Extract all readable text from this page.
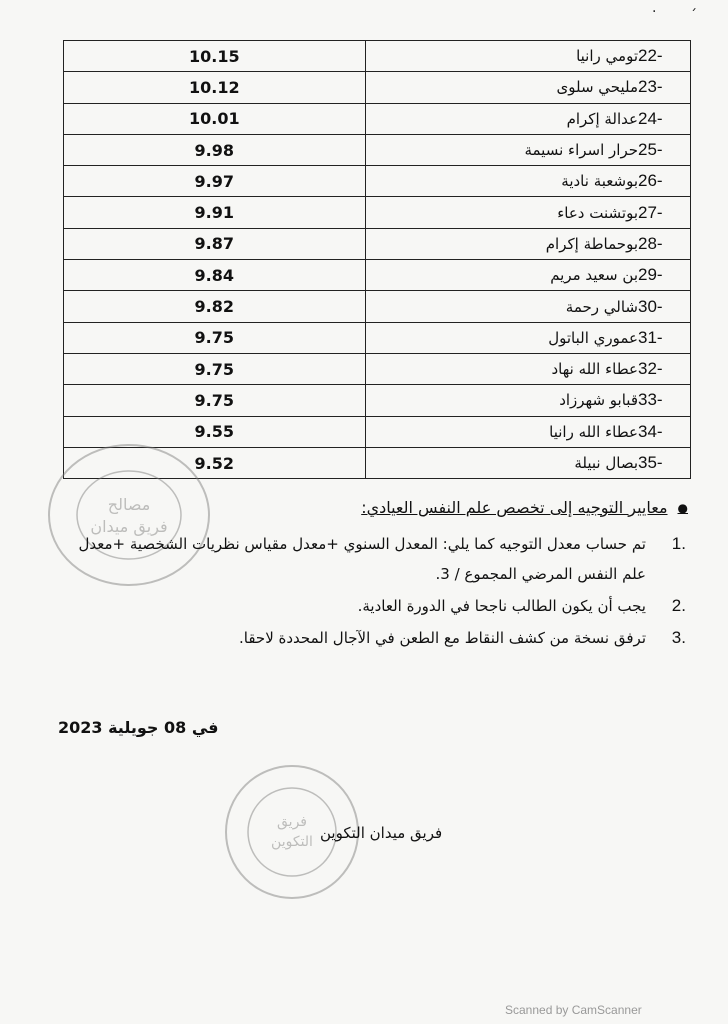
· ˊ
10.15	22-تومي رانيا
10.12	23-مليحي سلوى
10.01	24-عدالة إكرام
9.98	25-حرار اسراء نسيمة
9.97	26-بوشعبة نادية
9.91	27-بوتشنت دعاء
9.87	28-بوحماطة إكرام
9.84	29-بن سعيد مريم
9.82	30-شالي رحمة
9.75	31-عموري الباتول
9.75	32-عطاء الله نهاد
9.75	33-قبابو شهرزاد
9.55	34-عطاء الله رانيا
9.52	35-بصال نبيلة
مصالح
فريق ميدان
●
معايير التوجيه إلى تخصص علم النفس العيادي:
.1
تم حساب معدل التوجيه كما يلي: المعدل السنوي +معدل مقياس نظريات الشخصية +معدل
علم النفس المرضي المجموع / 3.
.2
يجب أن يكون الطالب ناجحا في الدورة العادية.
.3
ترفق نسخة من كشف النقاط مع الطعن في الآجال المحددة لاحقا.
في 08 جويلية 2023
فريق
التكوين فريق ميدان التكوين
Scanned by CamScanner
